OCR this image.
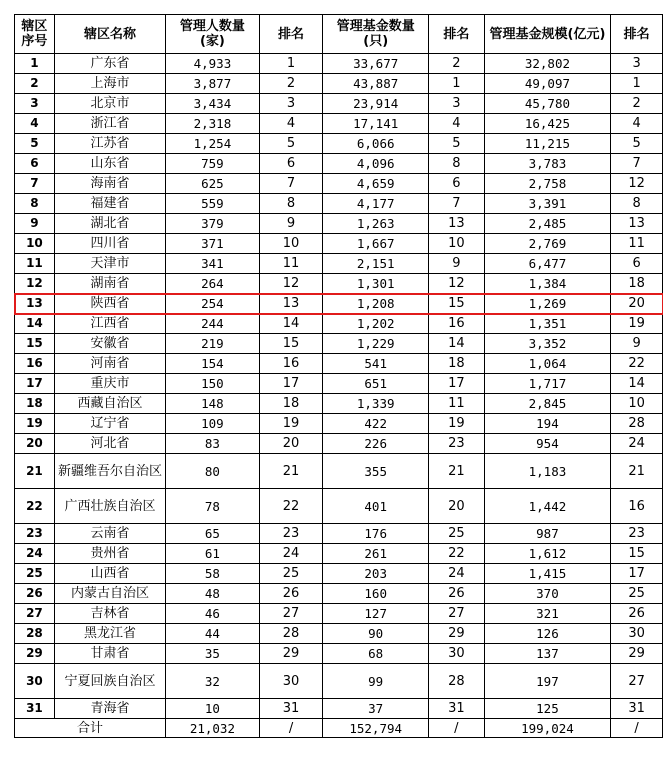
辖区序号	辖区名称	管理人数量(家)	排名	管理基金数量(只)	排名	管理基金规模(亿元)	排名
1	广东省	4,933	1	33,677	2	32,802	3
2	上海市	3,877	2	43,887	1	49,097	1
3	北京市	3,434	3	23,914	3	45,780	2
4	浙江省	2,318	4	17,141	4	16,425	4
5	江苏省	1,254	5	6,066	5	11,215	5
6	山东省	759	6	4,096	8	3,783	7
7	海南省	625	7	4,659	6	2,758	12
8	福建省	559	8	4,177	7	3,391	8
9	湖北省	379	9	1,263	13	2,485	13
10	四川省	371	10	1,667	10	2,769	11
11	天津市	341	11	2,151	9	6,477	6
12	湖南省	264	12	1,301	12	1,384	18
13	陕西省	254	13	1,208	15	1,269	20
14	江西省	244	14	1,202	16	1,351	19
15	安徽省	219	15	1,229	14	3,352	9
16	河南省	154	16	541	18	1,064	22
17	重庆市	150	17	651	17	1,717	14
18	西藏自治区	148	18	1,339	11	2,845	10
19	辽宁省	109	19	422	19	194	28
20	河北省	83	20	226	23	954	24
21	新疆维吾尔自治区	80	21	355	21	1,183	21
22	广西壮族自治区	78	22	401	20	1,442	16
23	云南省	65	23	176	25	987	23
24	贵州省	61	24	261	22	1,612	15
25	山西省	58	25	203	24	1,415	17
26	内蒙古自治区	48	26	160	26	370	25
27	吉林省	46	27	127	27	321	26
28	黑龙江省	44	28	90	29	126	30
29	甘肃省	35	29	68	30	137	29
30	宁夏回族自治区	32	30	99	28	197	27
31	青海省	10	31	37	31	125	31
合计		21,032	/	152,794	/	199,024	/
